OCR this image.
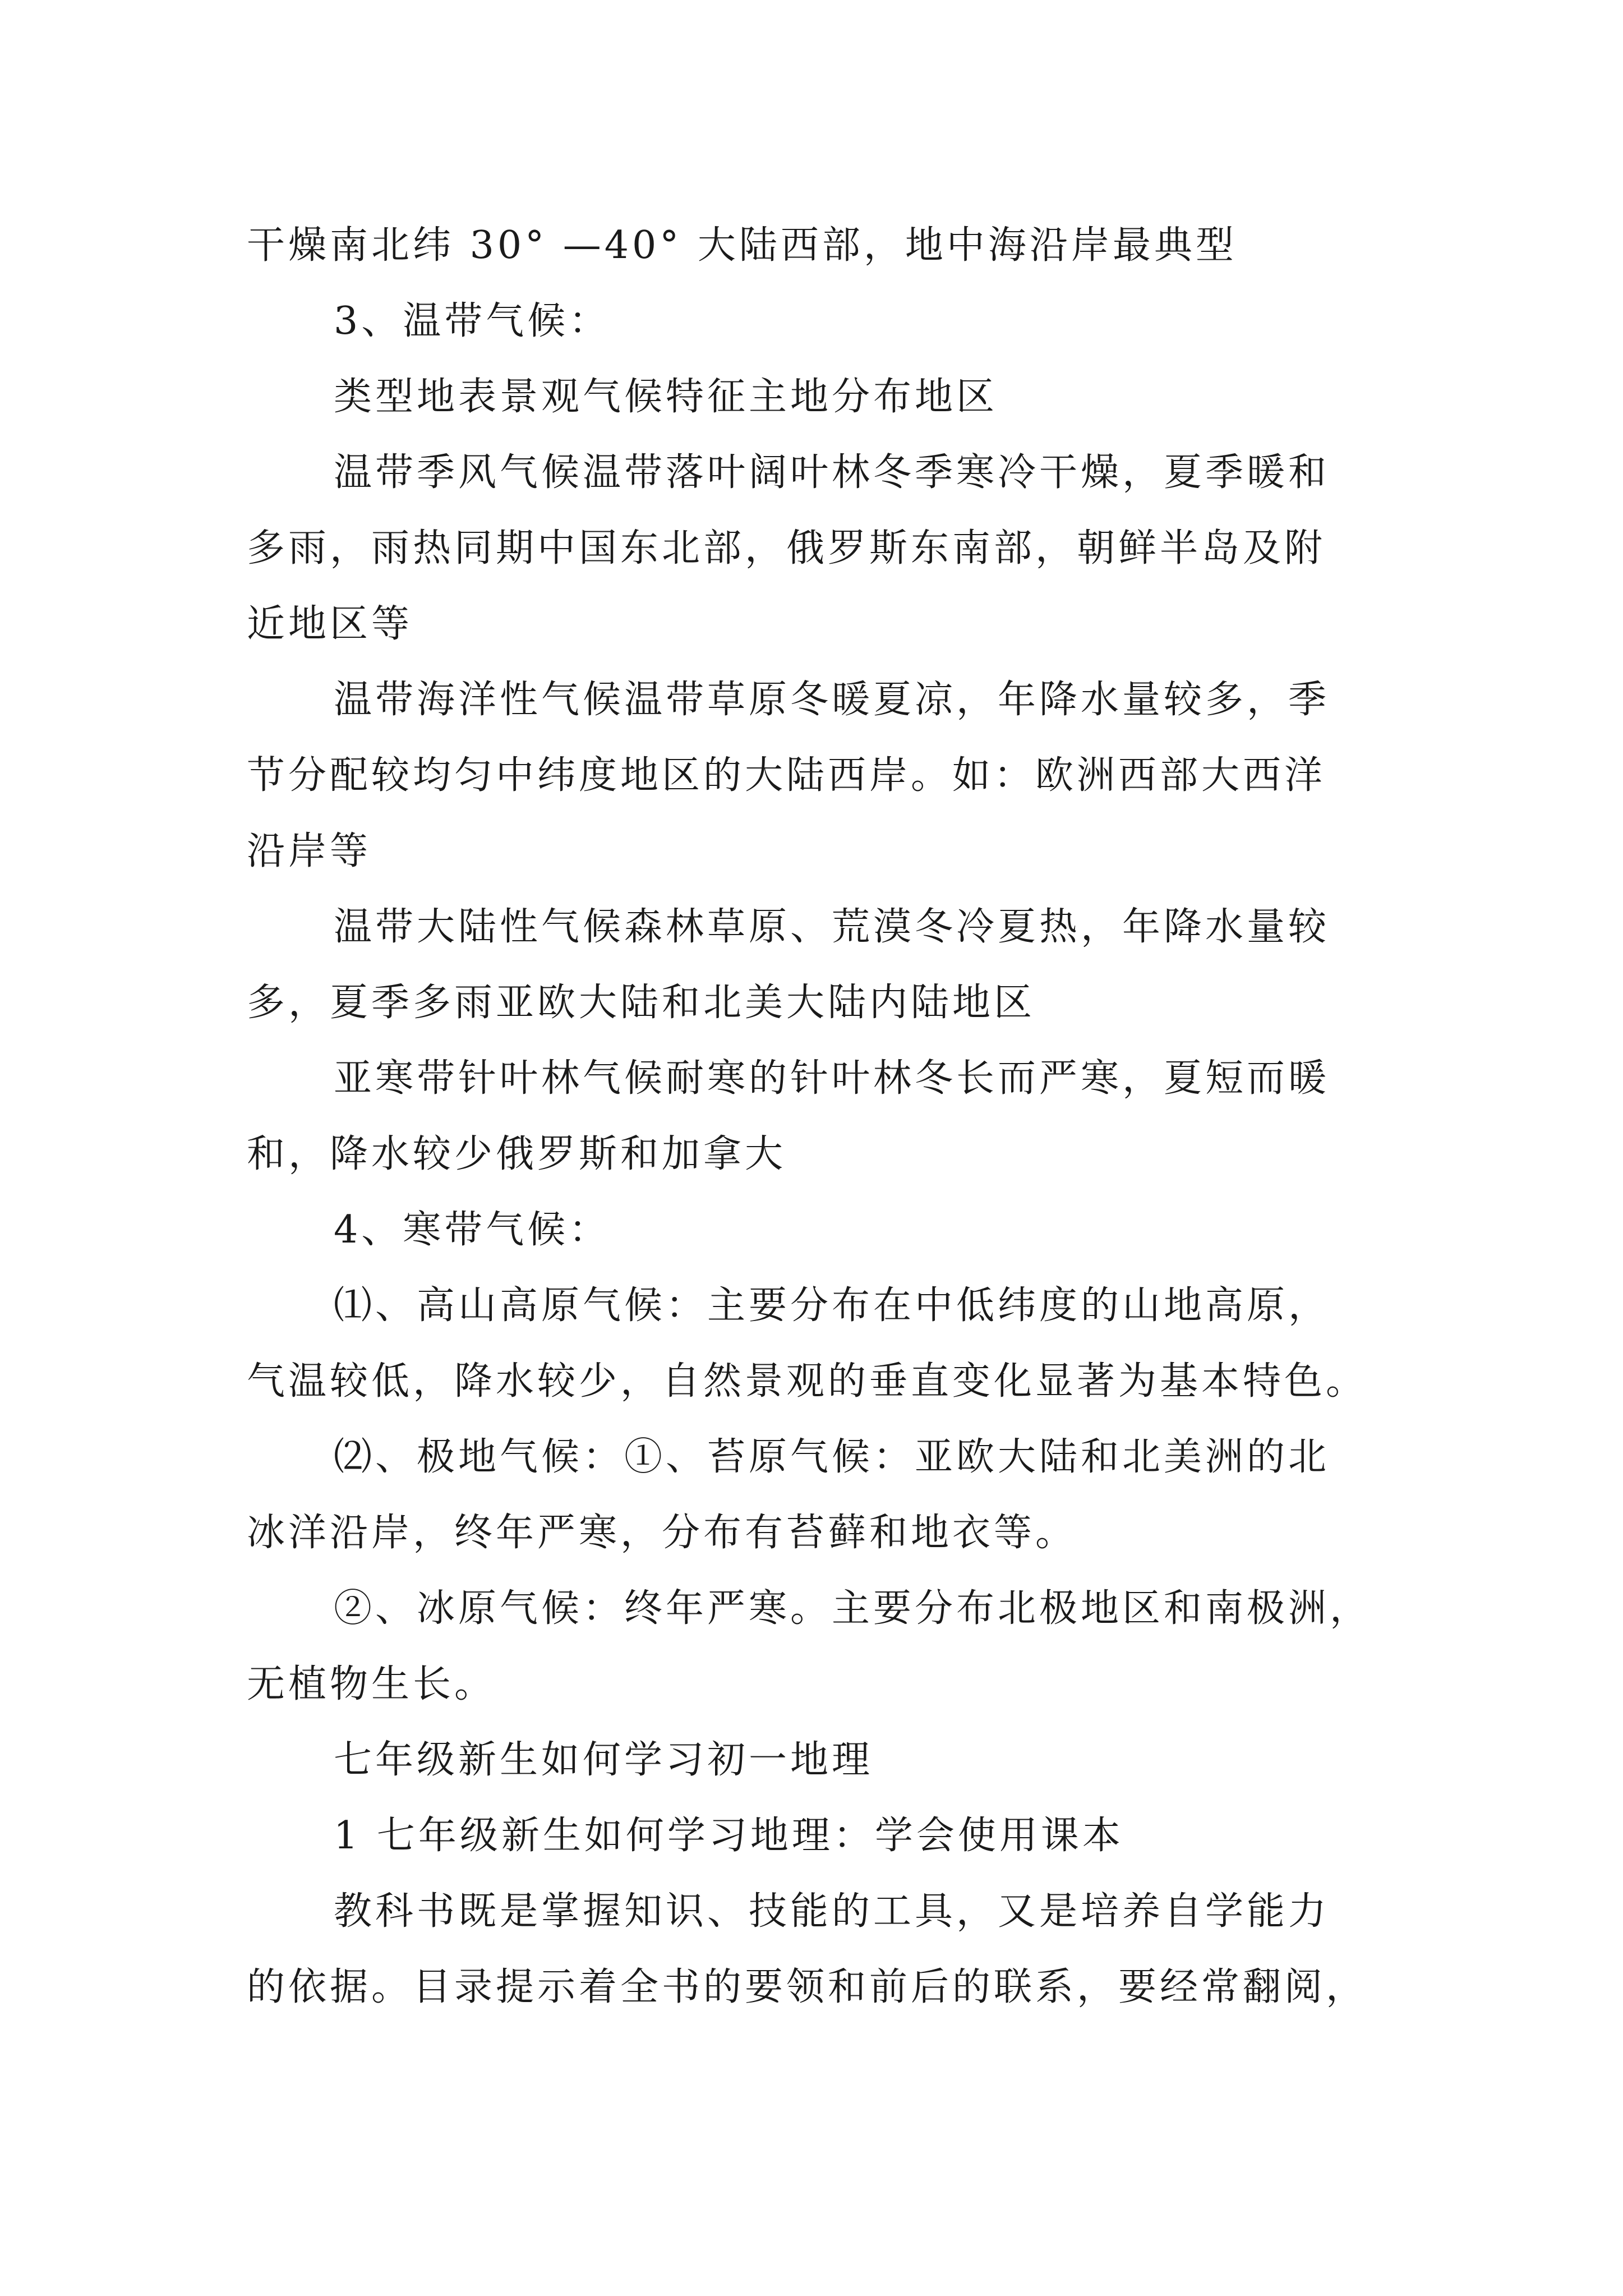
干燥南北纬 30° —40° 大陆西部，地中海沿岸最典型
3、温带气候：
类型地表景观气候特征主地分布地区
温带季风气候温带落叶阔叶林冬季寒冷干燥，夏季暖和
多雨，雨热同期中国东北部，俄罗斯东南部，朝鲜半岛及附
近地区等
温带海洋性气候温带草原冬暖夏凉，年降水量较多，季
节分配较均匀中纬度地区的大陆西岸。如：欧洲西部大西洋
沿岸等
温带大陆性气候森林草原、荒漠冬冷夏热，年降水量较
多，夏季多雨亚欧大陆和北美大陆内陆地区
亚寒带针叶林气候耐寒的针叶林冬长而严寒，夏短而暖
和，降水较少俄罗斯和加拿大
4、寒带气候：
⑴、高山高原气候：主要分布在中低纬度的山地高原，
气温较低，降水较少，自然景观的垂直变化显著为基本特色。
⑵、极地气候：①、苔原气候：亚欧大陆和北美洲的北
冰洋沿岸，终年严寒，分布有苔藓和地衣等。
②、冰原气候：终年严寒。主要分布北极地区和南极洲，
无植物生长。
七年级新生如何学习初一地理
1 七年级新生如何学习地理：学会使用课本
教科书既是掌握知识、技能的工具，又是培养自学能力
的依据。目录提示着全书的要领和前后的联系，要经常翻阅，
